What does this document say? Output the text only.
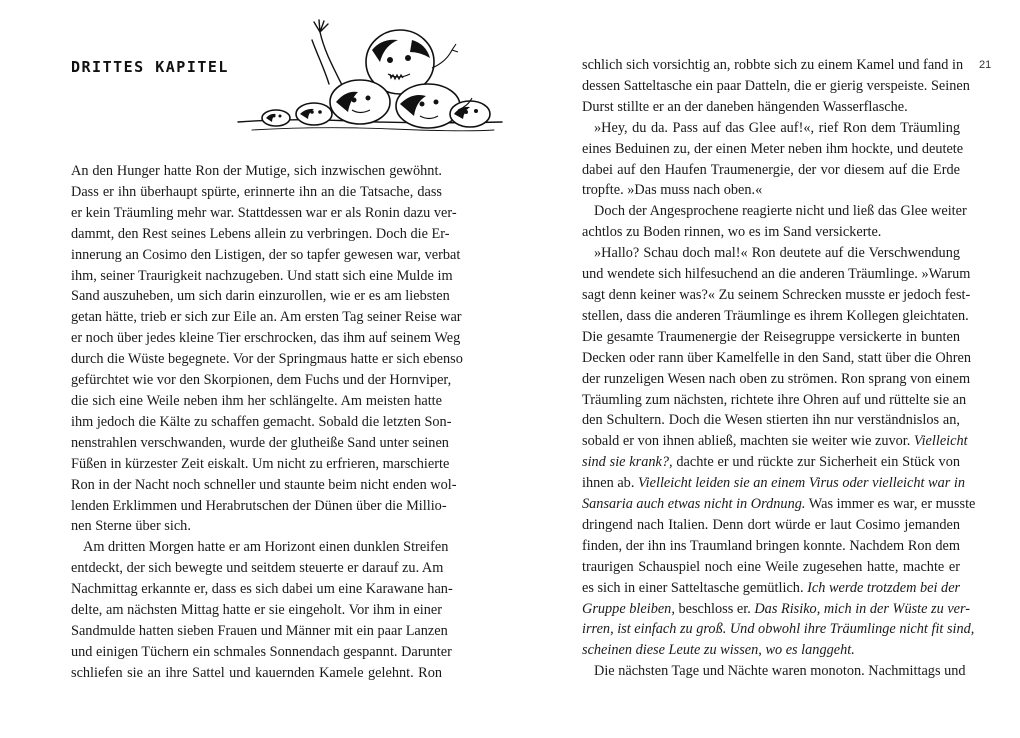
DRITTES KAPITEL
An den Hunger hatte Ron der Mutige, sich inzwischen gewöhnt.
Dass er ihn überhaupt spürte, erinnerte ihn an die Tatsache, dass
er kein Träumling mehr war. Stattdessen war er als Ronin dazu ver-
dammt, den Rest seines Lebens allein zu verbringen. Doch die Er-
innerung an Cosimo den Listigen, der so tapfer gewesen war, verbat
ihm, seiner Traurigkeit nachzugeben. Und statt sich eine Mulde im
Sand auszuheben, um sich darin einzurollen, wie er es am liebsten
getan hätte, trieb er sich zur Eile an. Am ersten Tag seiner Reise war
er noch über jedes kleine Tier erschrocken, das ihm auf seinem Weg
durch die Wüste begegnete. Vor der Springmaus hatte er sich ebenso
gefürchtet wie vor den Skorpionen, dem Fuchs und der Hornviper,
die sich eine Weile neben ihm her schlängelte. Am meisten hatte
ihm jedoch die Kälte zu schaffen gemacht. Sobald die letzten Son-
nenstrahlen verschwanden, wurde der glutheiße Sand unter seinen
Füßen in kürzester Zeit eiskalt. Um nicht zu erfrieren, marschierte
Ron in der Nacht noch schneller und staunte beim nicht enden wol-
lenden Erklimmen und Herabrutschen der Dünen über die Millio-
nen Sterne über sich.
Am dritten Morgen hatte er am Horizont einen dunklen Streifen
entdeckt, der sich bewegte und seitdem steuerte er darauf zu. Am
Nachmittag erkannte er, dass es sich dabei um eine Karawane han-
delte, am nächsten Mittag hatte er sie eingeholt. Vor ihm in einer
Sandmulde hatten sieben Frauen und Männer mit ein paar Lanzen
und einigen Tüchern ein schmales Sonnendach gespannt. Darunter
schliefen sie an ihre Sattel und kauernden Kamele gelehnt. Ron
schlich sich vorsichtig an, robbte sich zu einem Kamel und fand in
dessen Satteltasche ein paar Datteln, die er gierig verspeiste. Seinen
Durst stillte er an der daneben hängenden Wasserflasche.
»Hey, du da. Pass auf das Glee auf!«, rief Ron dem Träumling
eines Beduinen zu, der einen Meter neben ihm hockte, und deutete
dabei auf den Haufen Traumenergie, der vor diesem auf die Erde
tropfte. »Das muss nach oben.«
Doch der Angesprochene reagierte nicht und ließ das Glee weiter
achtlos zu Boden rinnen, wo es im Sand versickerte.
»Hallo? Schau doch mal!« Ron deutete auf die Verschwendung
und wendete sich hilfesuchend an die anderen Träumlinge. »Warum
sagt denn keiner was?« Zu seinem Schrecken musste er jedoch fest-
stellen, dass die anderen Träumlinge es ihrem Kollegen gleichtaten.
Die gesamte Traumenergie der Reisegruppe versickerte in bunten
Decken oder rann über Kamelfelle in den Sand, statt über die Ohren
der runzeligen Wesen nach oben zu strömen. Ron sprang von einem
Träumling zum nächsten, richtete ihre Ohren auf und rüttelte sie an
den Schultern. Doch die Wesen stierten ihn nur verständnislos an,
sobald er von ihnen abließ, machten sie weiter wie zuvor. Vielleicht
sind sie krank?, dachte er und rückte zur Sicherheit ein Stück von
ihnen ab. Vielleicht leiden sie an einem Virus oder vielleicht war in
Sansaria auch etwas nicht in Ordnung. Was immer es war, er musste
dringend nach Italien. Denn dort würde er laut Cosimo jemanden
finden, der ihn ins Traumland bringen konnte. Nachdem Ron dem
traurigen Schauspiel noch eine Weile zugesehen hatte, machte er
es sich in einer Satteltasche gemütlich. Ich werde trotzdem bei der
Gruppe bleiben, beschloss er. Das Risiko, mich in der Wüste zu ver-
irren, ist einfach zu groß. Und obwohl ihre Träumlinge nicht fit sind,
scheinen diese Leute zu wissen, wo es langgeht.
Die nächsten Tage und Nächte waren monoton. Nachmittags und
21
